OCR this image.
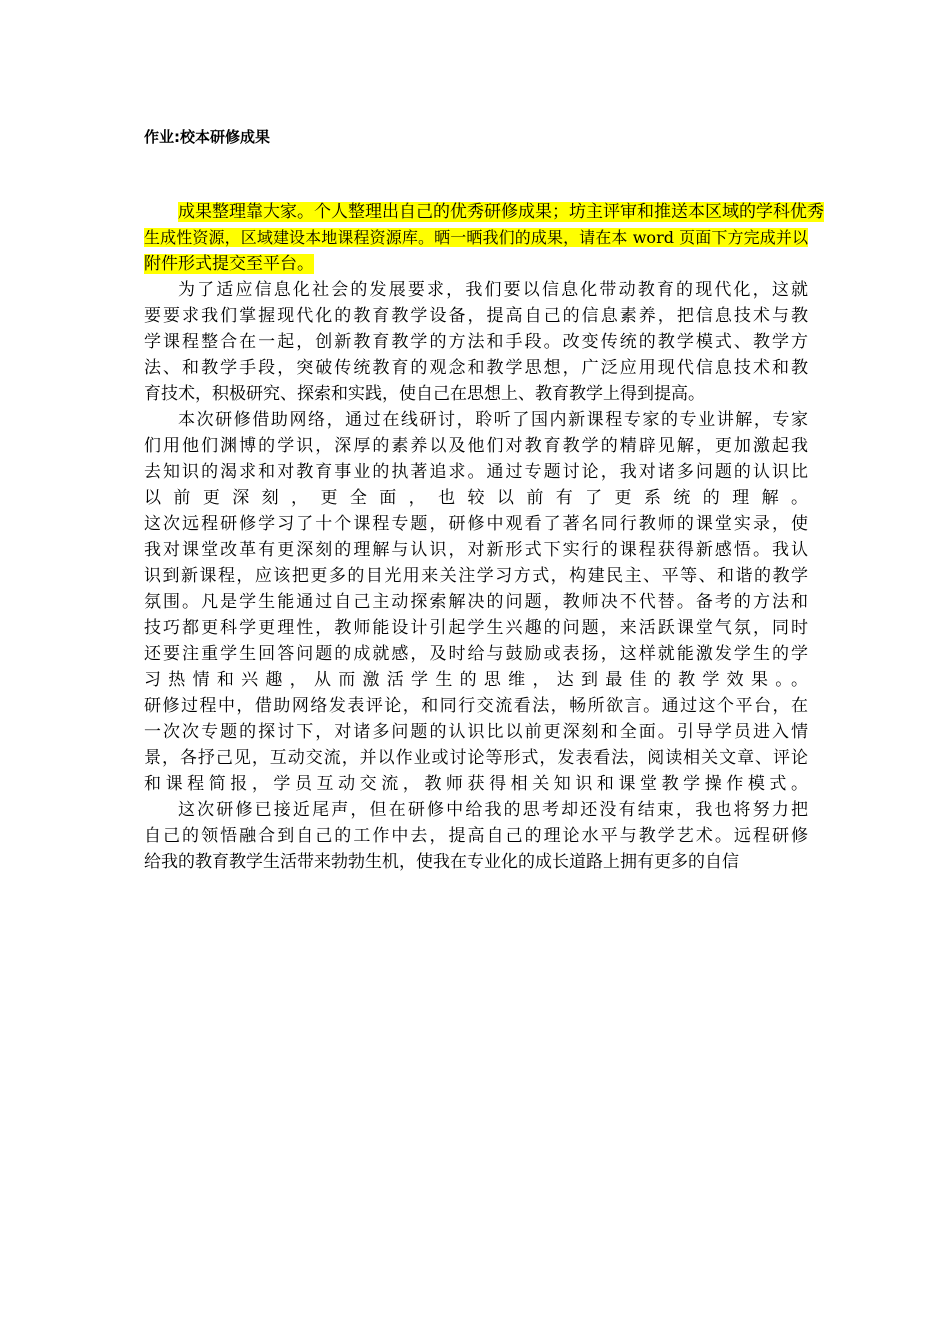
作业:校本研修成果
成果整理靠大家。个人整理出自己的优秀研修成果；坊主评审和推送本区域的学科优秀
生成性资源，区域建设本地课程资源库。晒一晒我们的成果，请在本 word 页面下方完成并以
附件形式提交至平台。
为了适应信息化社会的发展要求，我们要以信息化带动教育的现代化，这就
要要求我们掌握现代化的教育教学设备，提高自己的信息素养，把信息技术与教
学课程整合在一起，创新教育教学的方法和手段。改变传统的教学模式、教学方
法、和教学手段，突破传统教育的观念和教学思想，广泛应用现代信息技术和教
育技术，积极研究、探索和实践，使自己在思想上、教育教学上得到提高。
本次研修借助网络，通过在线研讨，聆听了国内新课程专家的专业讲解，专家
们用他们渊博的学识，深厚的素养以及他们对教育教学的精辟见解，更加激起我
去知识的渴求和对教育事业的执著追求。通过专题讨论，我对诸多问题的认识比
以前更深刻，更全面，也较以前有了更系统的理解。
这次远程研修学习了十个课程专题，研修中观看了著名同行教师的课堂实录，使
我对课堂改革有更深刻的理解与认识，对新形式下实行的课程获得新感悟。我认
识到新课程，应该把更多的目光用来关注学习方式，构建民主、平等、和谐的教学
氛围。凡是学生能通过自己主动探索解决的问题，教师决不代替。备考的方法和
技巧都更科学更理性，教师能设计引起学生兴趣的问题，来活跃课堂气氛，同时
还要注重学生回答问题的成就感，及时给与鼓励或表扬，这样就能激发学生的学
习热情和兴趣，从而激活学生的思维，达到最佳的教学效果。。
研修过程中，借助网络发表评论，和同行交流看法，畅所欲言。通过这个平台，在
一次次专题的探讨下，对诸多问题的认识比以前更深刻和全面。引导学员进入情
景，各抒己见，互动交流，并以作业或讨论等形式，发表看法，阅读相关文章、评论
和课程简报，学员互动交流，教师获得相关知识和课堂教学操作模式。
这次研修已接近尾声，但在研修中给我的思考却还没有结束，我也将努力把
自己的领悟融合到自己的工作中去，提高自己的理论水平与教学艺术。远程研修
给我的教育教学生活带来勃勃生机，使我在专业化的成长道路上拥有更多的自信
